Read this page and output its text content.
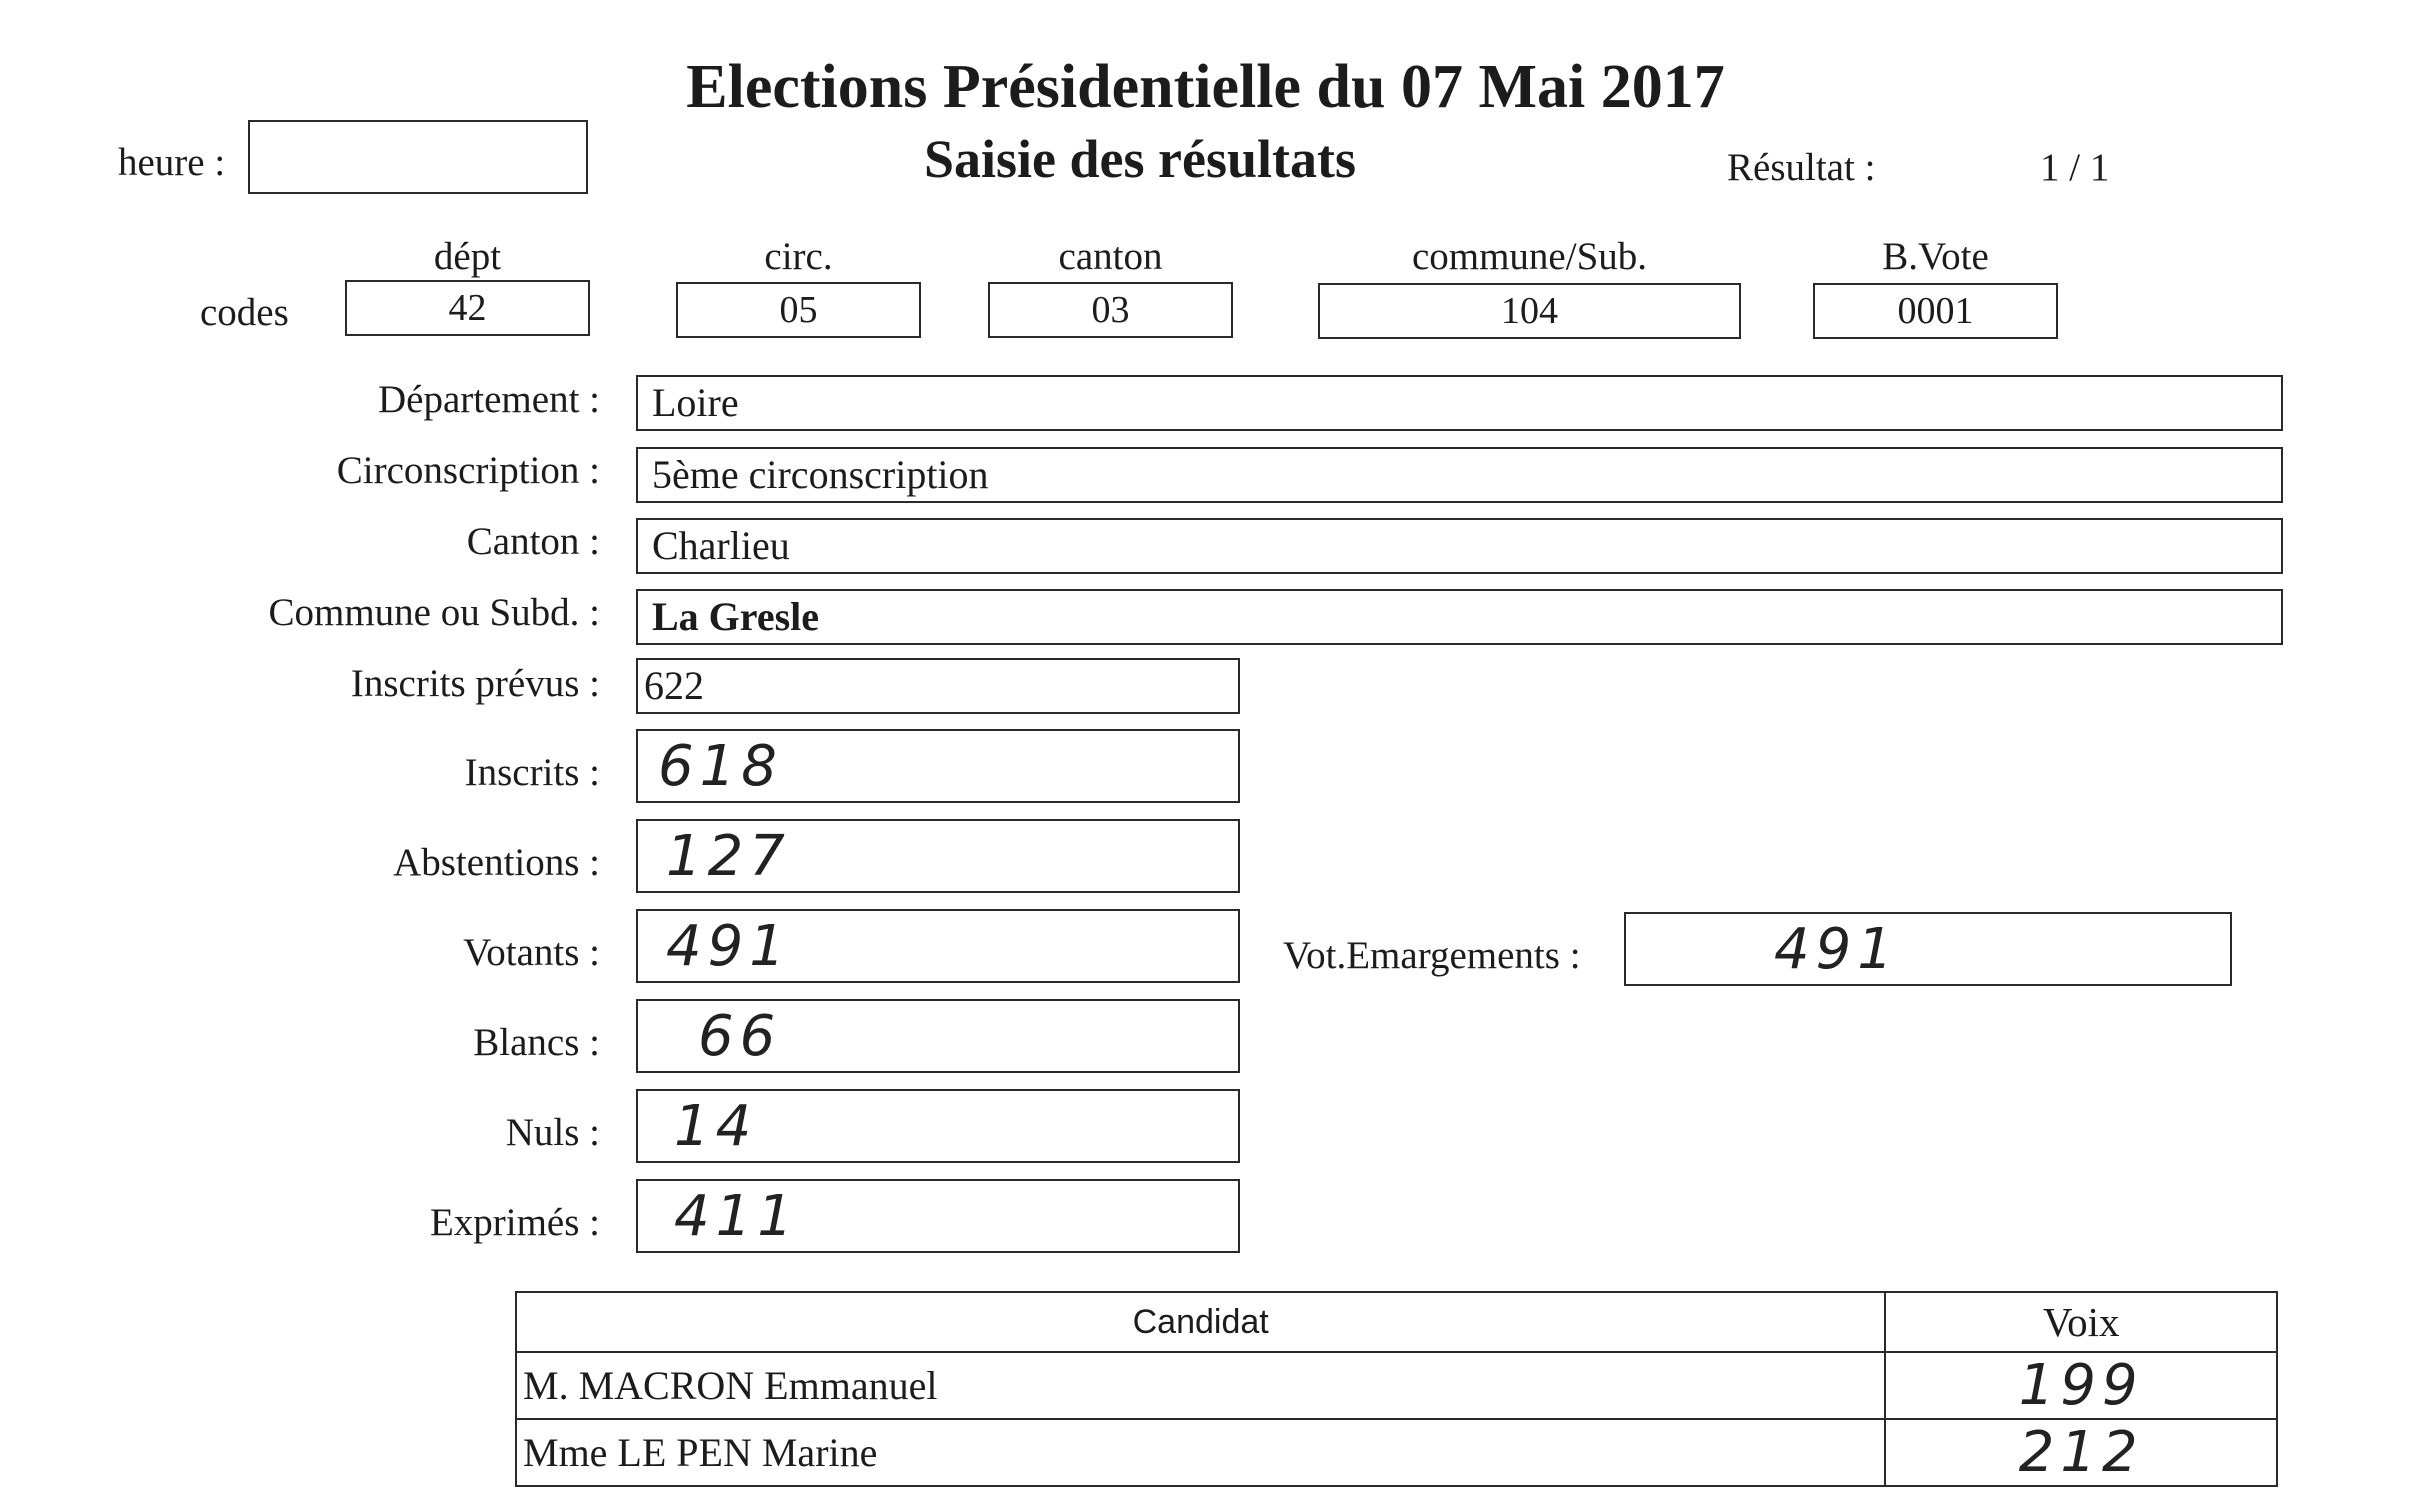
Elections Présidentielle du 07 Mai 2017
Saisie des résultats
heure :	Résultat :	1 / 1
codes
dépt
42
circ.
05
canton
03
commune/Sub.
104
B.Vote
0001
Département :	Loire
Circonscription :	5ème circonscription
Canton :	Charlieu
Commune ou Subd. :	La Gresle
Inscrits prévus : 622
Inscrits :	618
Abstentions :	127
Votants :	491	Vot.Emargements :	491
Blancs :	66
Nuls :	14
Exprimés :	411
Candidat	Voix
M. MACRON Emmanuel	199
Mme LE PEN Marine	212
